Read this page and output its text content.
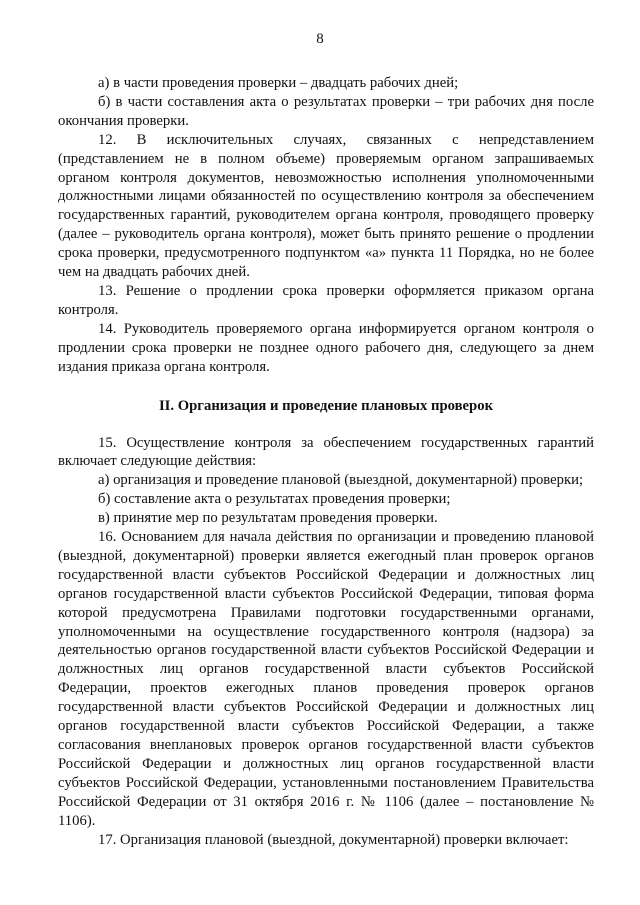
8

а) в части проведения проверки – двадцать рабочих дней;

б) в части составления акта о результатах проверки – три рабочих дня после окончания проверки.

12. В исключительных случаях, связанных с непредставлением (представлением не в полном объеме) проверяемым органом запрашиваемых органом контроля документов, невозможностью исполнения уполномоченными должностными лицами обязанностей по осуществлению контроля за обеспечением государственных гарантий, руководителем органа контроля, проводящего проверку (далее – руководитель органа контроля), может быть принято решение о продлении срока проверки, предусмотренного подпунктом «а» пункта 11 Порядка, но не более чем на двадцать рабочих дней.

13. Решение о продлении срока проверки оформляется приказом органа контроля.

14. Руководитель проверяемого органа информируется органом контроля о продлении срока проверки не позднее одного рабочего дня, следующего за днем издания приказа органа контроля.

II. Организация и проведение плановых проверок

15. Осуществление контроля за обеспечением государственных гарантий включает следующие действия:

а) организация и проведение плановой (выездной, документарной) проверки;

б) составление акта о результатах проведения проверки;

в) принятие мер по результатам проведения проверки.

16. Основанием для начала действия по организации и проведению плановой (выездной, документарной) проверки является ежегодный план проверок органов государственной власти субъектов Российской Федерации и должностных лиц органов государственной власти субъектов Российской Федерации, типовая форма которой предусмотрена Правилами подготовки государственными органами, уполномоченными на осуществление государственного контроля (надзора) за деятельностью органов государственной власти субъектов Российской Федерации и должностных лиц органов государственной власти субъектов Российской Федерации, проектов ежегодных планов проведения проверок органов государственной власти субъектов Российской Федерации и должностных лиц органов государственной власти субъектов Российской Федерации, а также согласования внеплановых проверок органов государственной власти субъектов Российской Федерации и должностных лиц органов государственной власти субъектов Российской Федерации, установленными постановлением Правительства Российской Федерации от 31 октября 2016 г. № 1106 (далее – постановление № 1106).

17. Организация плановой (выездной, документарной) проверки включает:
